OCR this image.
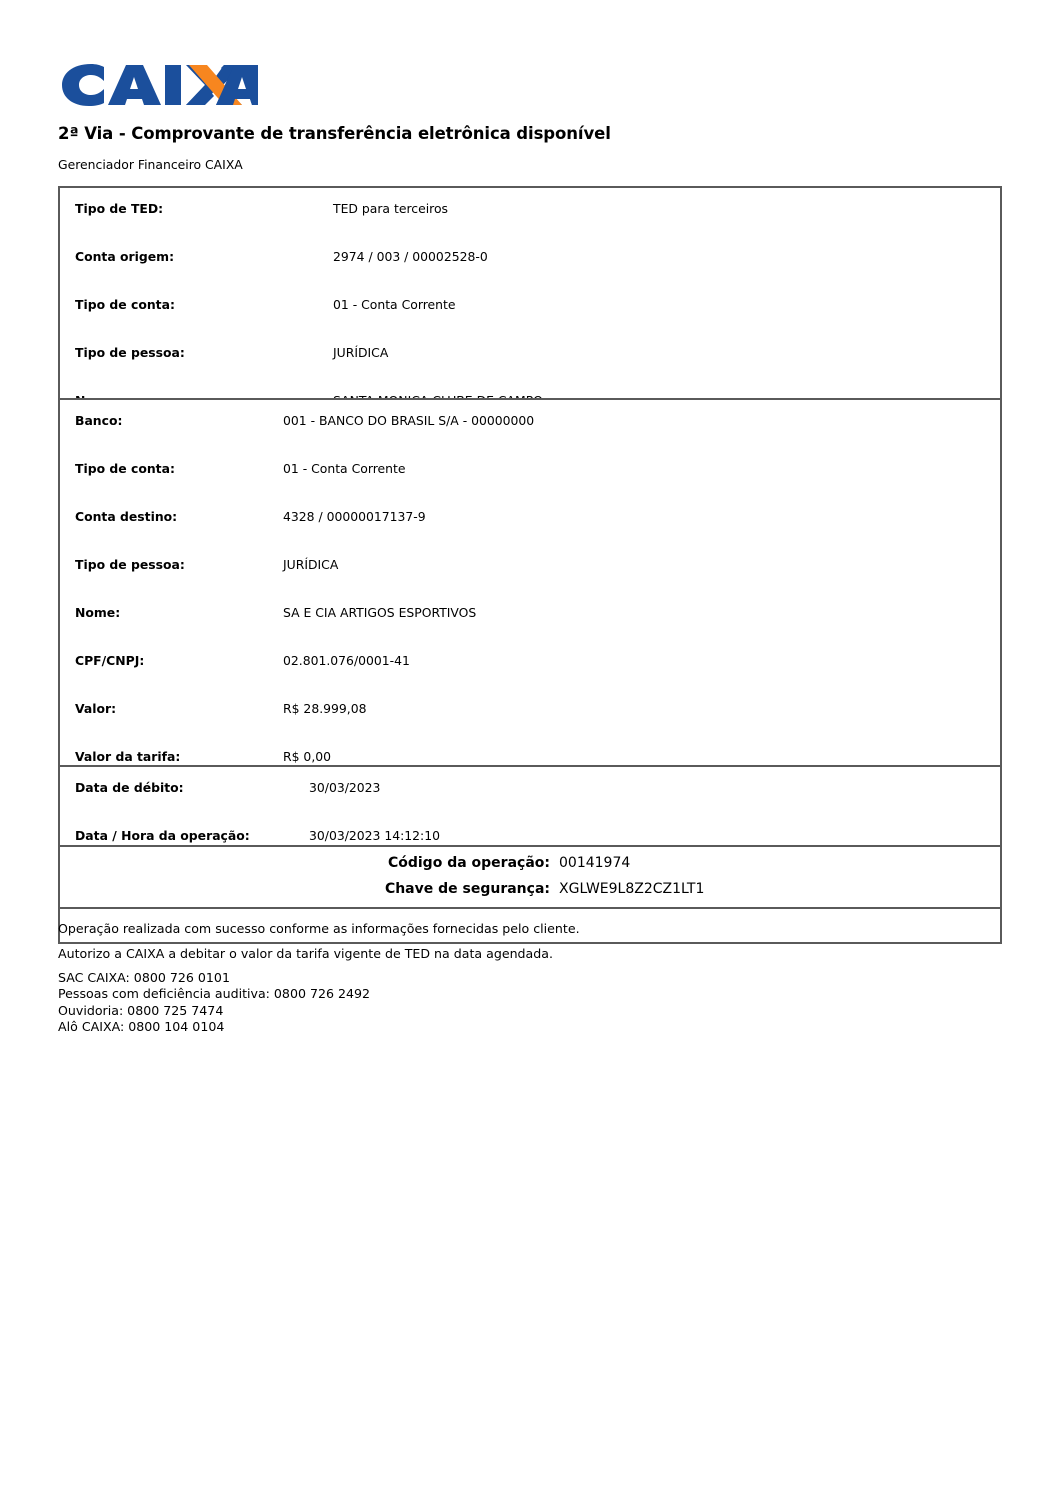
2ª Via - Comprovante de transferência eletrônica disponível
Gerenciador Financeiro CAIXA
Tipo de TED:	TED para terceiros
Conta origem:	2974 / 003 / 00002528-0
Tipo de conta:	01 - Conta Corrente
Tipo de pessoa:	JURÍDICA

Banco:	001 - BANCO DO BRASIL S/A - 00000000
Tipo de conta:	01 - Conta Corrente
Conta destino:	4328 / 00000017137-9
Tipo de pessoa:	JURÍDICA
Nome:	SA E CIA ARTIGOS ESPORTIVOS
CPF/CNPJ:	02.801.076/0001-41
Valor:	R$ 28.999,08
Valor da tarifa:	R$ 0,00

Data de débito:	30/03/2023
Data / Hora da operação:	30/03/2023 14:12:10
Código da operação:	00141974
Chave de segurança:	XGLWE9L8Z2CZ1LT1
Operação realizada com sucesso conforme as informações fornecidas pelo cliente.
Autorizo a CAIXA a debitar o valor da tarifa vigente de TED na data agendada.
SAC CAIXA: 0800 726 0101
Pessoas com deficiência auditiva: 0800 726 2492
Ouvidoria: 0800 725 7474
Alô CAIXA: 0800 104 0104
